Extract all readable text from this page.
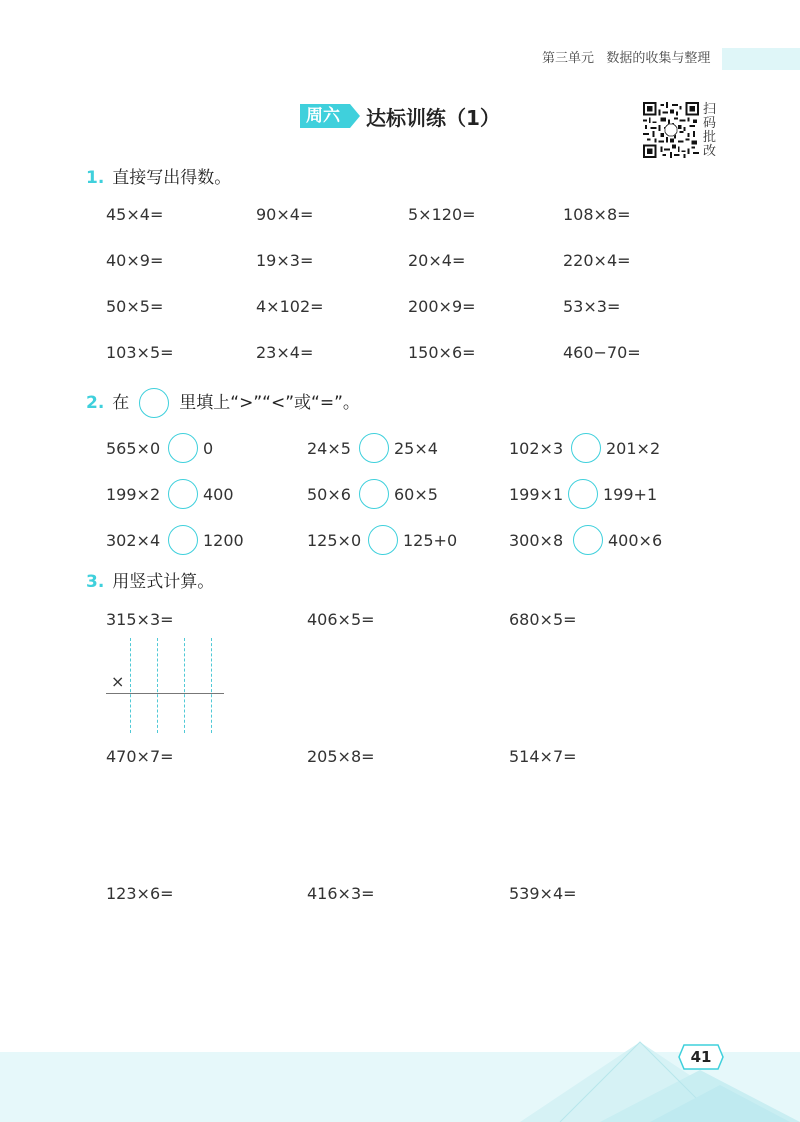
第三单元 数据的收集与整理
周六	达标训练（1）	扫码批改
1. 直接写出得数。
45×4=	90×4=	5×120=	108×8=
40×9=	19×3=	20×4=	220×4=
50×5=	4×102=	200×9=	53×3=
103×5=	23×4=	150×6=	460−70=
2. 在	里填上“>”“<”或“=”。
565×0	0	24×5	25×4	102×3	201×2
199×2	400	50×6	60×5	199×1 199+1
302×4	1200	125×0	125+0	300×8	400×6
3. 用竖式计算。
315×3=	406×5=	680×5=
×
470×7=	205×8=	514×7=
123×6=	416×3=	539×4=
41
